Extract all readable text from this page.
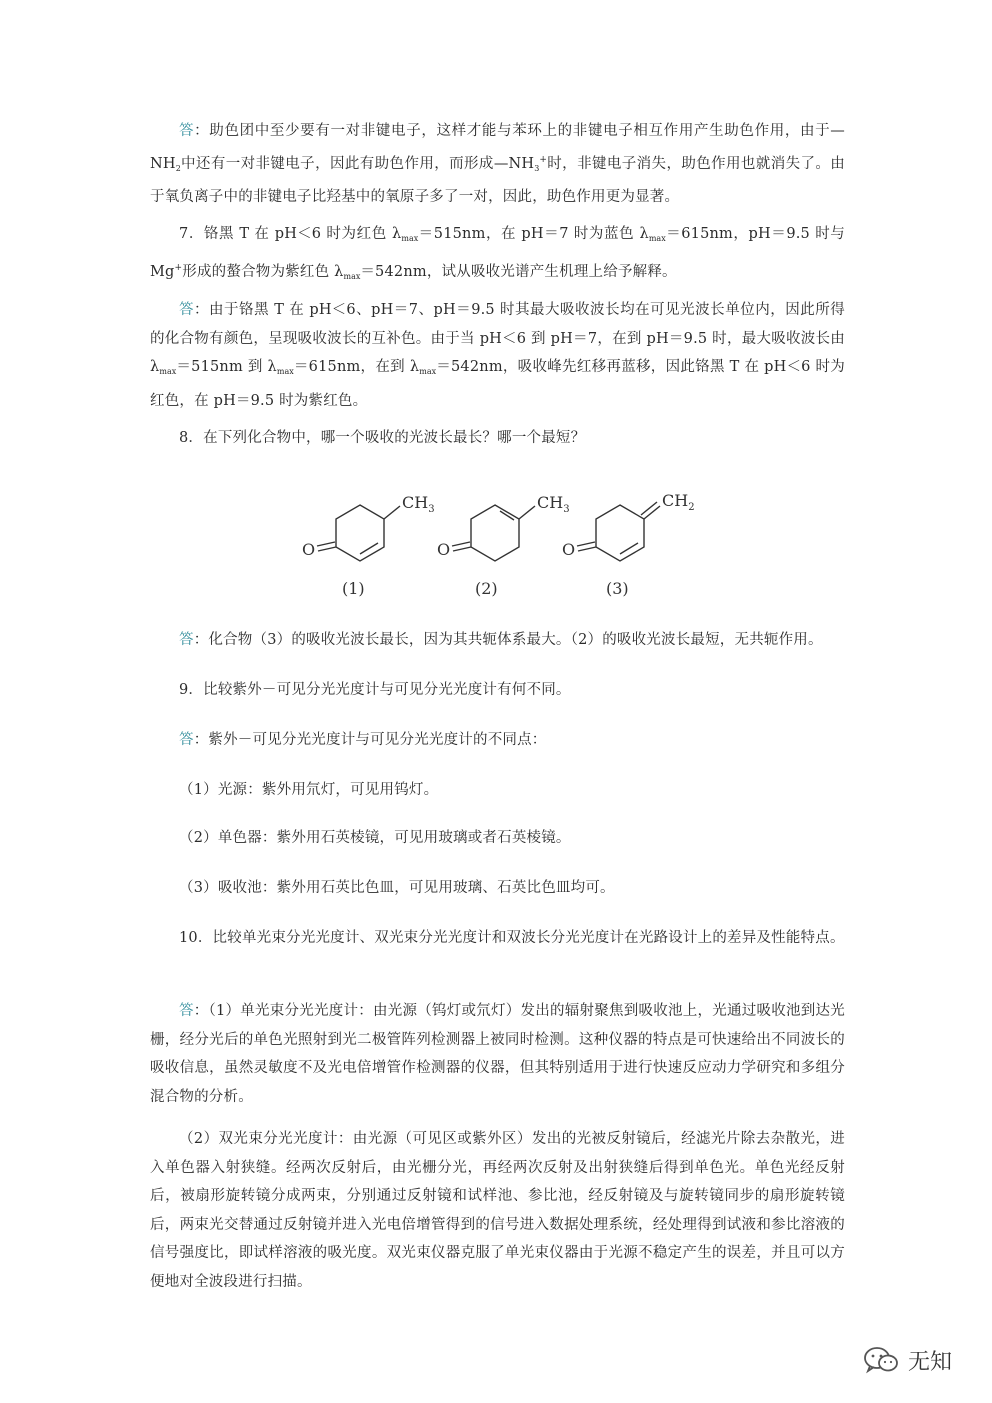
答：助色团中至少要有一对非键电子，这样才能与苯环上的非键电子相互作用产生助色作用，由于$—NH_2$中还有一对非键电子，因此有助色作用，而形成$—NH_3^+$时，非键电子消失，助色作用也就消失了。由于氧负离子中的非键电子比羟基中的氧原子多了一对，因此，助色作用更为显著。

7．铬黑 T 在 pH＜6 时为红色 $\lambda_{max}=515nm$，在 pH＝7 时为蓝色 $\lambda_{max}=615nm$，pH＝9.5 时与 Mg+形成的螯合物为紫红色 $\lambda_{max}=542nm$，试从吸收光谱产生机理上给予解释。

答：由于铬黑 T 在 pH＜6、pH＝7、pH＝9.5 时其最大吸收波长均在可见光波长单位内，因此所得的化合物有颜色，呈现吸收波长的互补色。由于当 pH＜6 到 pH＝7，在到 pH＝9.5 时，最大吸收波长由 $\lambda_{max}=515nm$ 到 $\lambda_{max}=615nm$，在到 $\lambda_{max}=542nm$，吸收峰先红移再蓝移，因此铬黑 T 在 pH＜6 时为红色，在 pH＝9.5 时为紫红色。

8．在下列化合物中，哪一个吸收的光波长最长？哪一个最短？

O
$CH_3$
O
$CH_3$
O
$CH_2$
(1)	(2)	(3)

答：化合物（3）的吸收光波长最长，因为其共轭体系最大。（2）的吸收光波长最短，无共轭作用。

9．比较紫外－可见分光光度计与可见分光光度计有何不同。

答：紫外－可见分光光度计与可见分光光度计的不同点：

（1）光源：紫外用氘灯，可见用钨灯。

（2）单色器：紫外用石英棱镜，可见用玻璃或者石英棱镜。

（3）吸收池：紫外用石英比色皿，可见用玻璃、石英比色皿均可。

10．比较单光束分光光度计、双光束分光光度计和双波长分光光度计在光路设计上的差异及性能特点。

答：（1）单光束分光光度计：由光源（钨灯或氘灯）发出的辐射聚焦到吸收池上，光通过吸收池到达光栅，经分光后的单色光照射到光二极管阵列检测器上被同时检测。这种仪器的特点是可快速给出不同波长的吸收信息，虽然灵敏度不及光电倍增管作检测器的仪器，但其特别适用于进行快速反应动力学研究和多组分混合物的分析。

（2）双光束分光光度计：由光源（可见区或紫外区）发出的光被反射镜后，经滤光片除去杂散光，进入单色器入射狭缝。经两次反射后，由光栅分光，再经两次反射及出射狭缝后得到单色光。单色光经反射后，被扇形旋转镜分成两束，分别通过反射镜和试样池、参比池，经反射镜及与旋转镜同步的扇形旋转镜后，两束光交替通过反射镜并进入光电倍增管得到的信号进入数据处理系统，经处理得到试液和参比溶液的信号强度比，即试样溶液的吸光度。双光束仪器克服了单光束仪器由于光源不稳定产生的误差，并且可以方便地对全波段进行扫描。

无知
